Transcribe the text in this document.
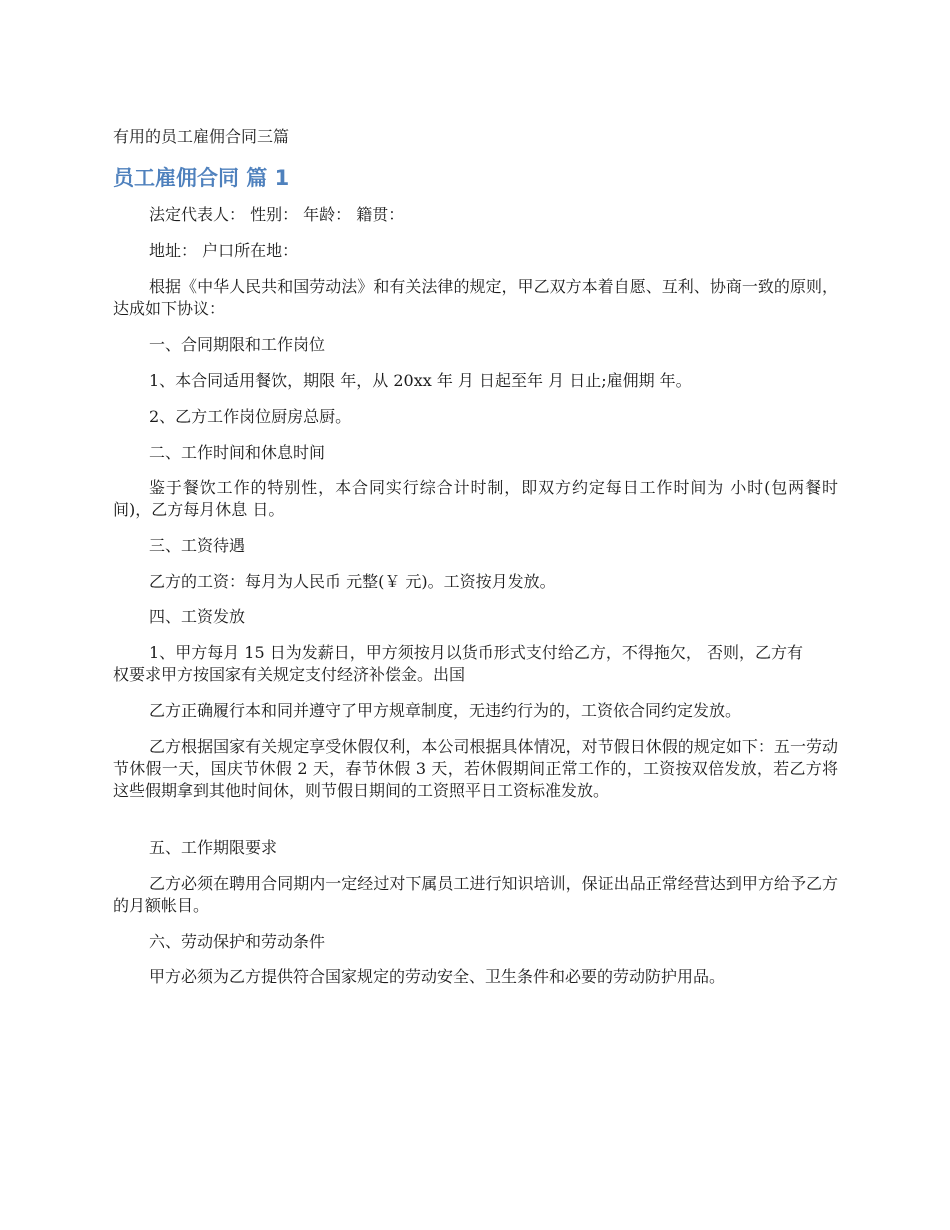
有用的员工雇佣合同三篇
员工雇佣合同 篇 1

法定代表人： 性别： 年龄： 籍贯：

地址： 户口所在地：

根据《中华人民共和国劳动法》和有关法律的规定，甲乙双方本着自愿、互利、协商一致的原则，达成如下协议：

一、合同期限和工作岗位

1、本合同适用餐饮，期限 年，从 20xx 年 月 日起至年 月 日止;雇佣期 年。

2、乙方工作岗位厨房总厨。

二、工作时间和休息时间

鉴于餐饮工作的特别性，本合同实行综合计时制，即双方约定每日工作时间为 小时(包两餐时间)，乙方每月休息 日。

三、工资待遇

乙方的工资：每月为人民币 元整(￥ 元)。工资按月发放。

四、工资发放

1、甲方每月 15 日为发薪日，甲方须按月以货币形式支付给乙方，不得拖欠， 否则，乙方有权要求甲方按国家有关规定支付经济补偿金。出国

乙方正确履行本和同并遵守了甲方规章制度，无违约行为的，工资依合同约定发放。

乙方根据国家有关规定享受休假仅利，本公司根据具体情况，对节假日休假的规定如下：五一劳动节休假一天，国庆节休假 2 天，春节休假 3 天，若休假期间正常工作的，工资按双倍发放，若乙方将这些假期拿到其他时间休，则节假日期间的工资照平日工资标准发放。

五、工作期限要求

乙方必须在聘用合同期内一定经过对下属员工进行知识培训，保证出品正常经营达到甲方给予乙方的月额帐目。

六、劳动保护和劳动条件

甲方必须为乙方提供符合国家规定的劳动安全、卫生条件和必要的劳动防护用品。
